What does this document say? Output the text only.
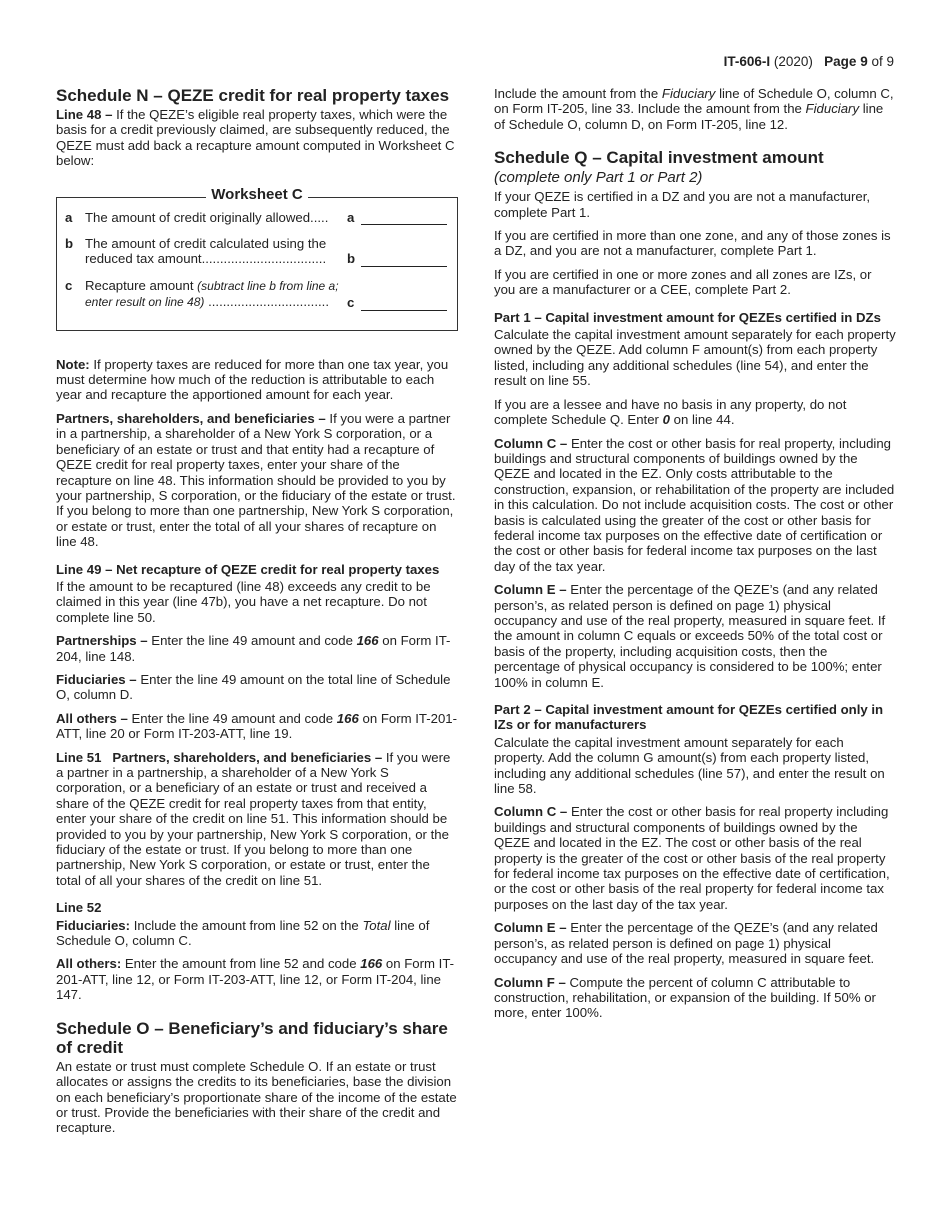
IT-606-I (2020) Page 9 of 9
Schedule N – QEZE credit for real property taxes

Line 48 – If the QEZE’s eligible real property taxes, which were the basis for a credit previously claimed, are subsequently reduced, the QEZE must add back a recapture amount computed in Worksheet C below:

Worksheet C
a The amount of credit originally allowed.....	a
b The amount of credit calculated using the reduced tax amount..................................	b
c Recapture amount (subtract line b from line a; enter result on line 48) .................................	c

Note: If property taxes are reduced for more than one tax year, you must determine how much of the reduction is attributable to each year and recapture the apportioned amount for each year.

Partners, shareholders, and beneficiaries – If you were a partner in a partnership, a shareholder of a New York S corporation, or a beneficiary of an estate or trust and that entity had a recapture of QEZE credit for real property taxes, enter your share of the recapture on line 48. This information should be provided to you by your partnership, S corporation, or the fiduciary of the estate or trust. If you belong to more than one partnership, New York S corporation, or estate or trust, enter the total of all your shares of recapture on line 48.

Line 49 – Net recapture of QEZE credit for real property taxes

If the amount to be recaptured (line 48) exceeds any credit to be claimed in this year (line 47b), you have a net recapture. Do not complete line 50.

Partnerships – Enter the line 49 amount and code 166 on Form IT-204, line 148.

Fiduciaries – Enter the line 49 amount on the total line of Schedule O, column D.

All others – Enter the line 49 amount and code 166 on Form IT-201-ATT, line 20 or Form IT-203-ATT, line 19.

Line 51   Partners, shareholders, and beneficiaries – If you were a partner in a partnership, a shareholder of a New York S corporation, or a beneficiary of an estate or trust and received a share of the QEZE credit for real property taxes from that entity, enter your share of the credit on line 51. This information should be provided to you by your partnership, New York S corporation, or the fiduciary of the estate or trust. If you belong to more than one partnership, New York S corporation, or estate or trust, enter the total of all your shares of the credit on line 51.

Line 52

Fiduciaries: Include the amount from line 52 on the Total line of Schedule O, column C.

All others: Enter the amount from line 52 and code 166 on Form IT-201-ATT, line 12, or Form IT-203-ATT, line 12, or Form IT-204, line 147.

Schedule O – Beneficiary’s and fiduciary’s share of credit

An estate or trust must complete Schedule O. If an estate or trust allocates or assigns the credits to its beneficiaries, base the division on each beneficiary’s proportionate share of the income of the estate or trust. Provide the beneficiaries with their share of the credit and recapture.

Include the amount from the Fiduciary line of Schedule O, column C, on Form IT-205, line 33. Include the amount from the Fiduciary line of Schedule O, column D, on Form IT-205, line 12.

Schedule Q – Capital investment amount
(complete only Part 1 or Part 2)

If your QEZE is certified in a DZ and you are not a manufacturer, complete Part 1.

If you are certified in more than one zone, and any of those zones is a DZ, and you are not a manufacturer, complete Part 1.

If you are certified in one or more zones and all zones are IZs, or you are a manufacturer or a CEE, complete Part 2.

Part 1 – Capital investment amount for QEZEs certified in DZs

Calculate the capital investment amount separately for each property owned by the QEZE. Add column F amount(s) from each property listed, including any additional schedules (line 54), and enter the result on line 55.

If you are a lessee and have no basis in any property, do not complete Schedule Q. Enter 0 on line 44.

Column C – Enter the cost or other basis for real property, including buildings and structural components of buildings owned by the QEZE and located in the EZ. Only costs attributable to the construction, expansion, or rehabilitation of the property are included in this calculation. Do not include acquisition costs. The cost or other basis is calculated using the greater of the cost or other basis for federal income tax purposes on the effective date of certification or the cost or other basis for federal income tax purposes on the last day of the tax year.

Column E – Enter the percentage of the QEZE’s (and any related person’s, as related person is defined on page 1) physical occupancy and use of the real property, measured in square feet. If the amount in column C equals or exceeds 50% of the total cost or basis of the property, including acquisition costs, then the percentage of physical occupancy is considered to be 100%; enter 100% in column E.

Part 2 – Capital investment amount for QEZEs certified only in IZs or for manufacturers

Calculate the capital investment amount separately for each property. Add the column G amount(s) from each property listed, including any additional schedules (line 57), and enter the result on line 58.

Column C – Enter the cost or other basis for real property including buildings and structural components of buildings owned by the QEZE and located in the EZ. The cost or other basis of the real property is the greater of the cost or other basis of the real property for federal income tax purposes on the effective date of certification, or the cost or other basis of the real property for federal income tax purposes on the last day of the tax year.

Column E – Enter the percentage of the QEZE’s (and any related person’s, as related person is defined on page 1) physical occupancy and use of the real property, measured in square feet.

Column F – Compute the percent of column C attributable to construction, rehabilitation, or expansion of the building. If 50% or more, enter 100%.
